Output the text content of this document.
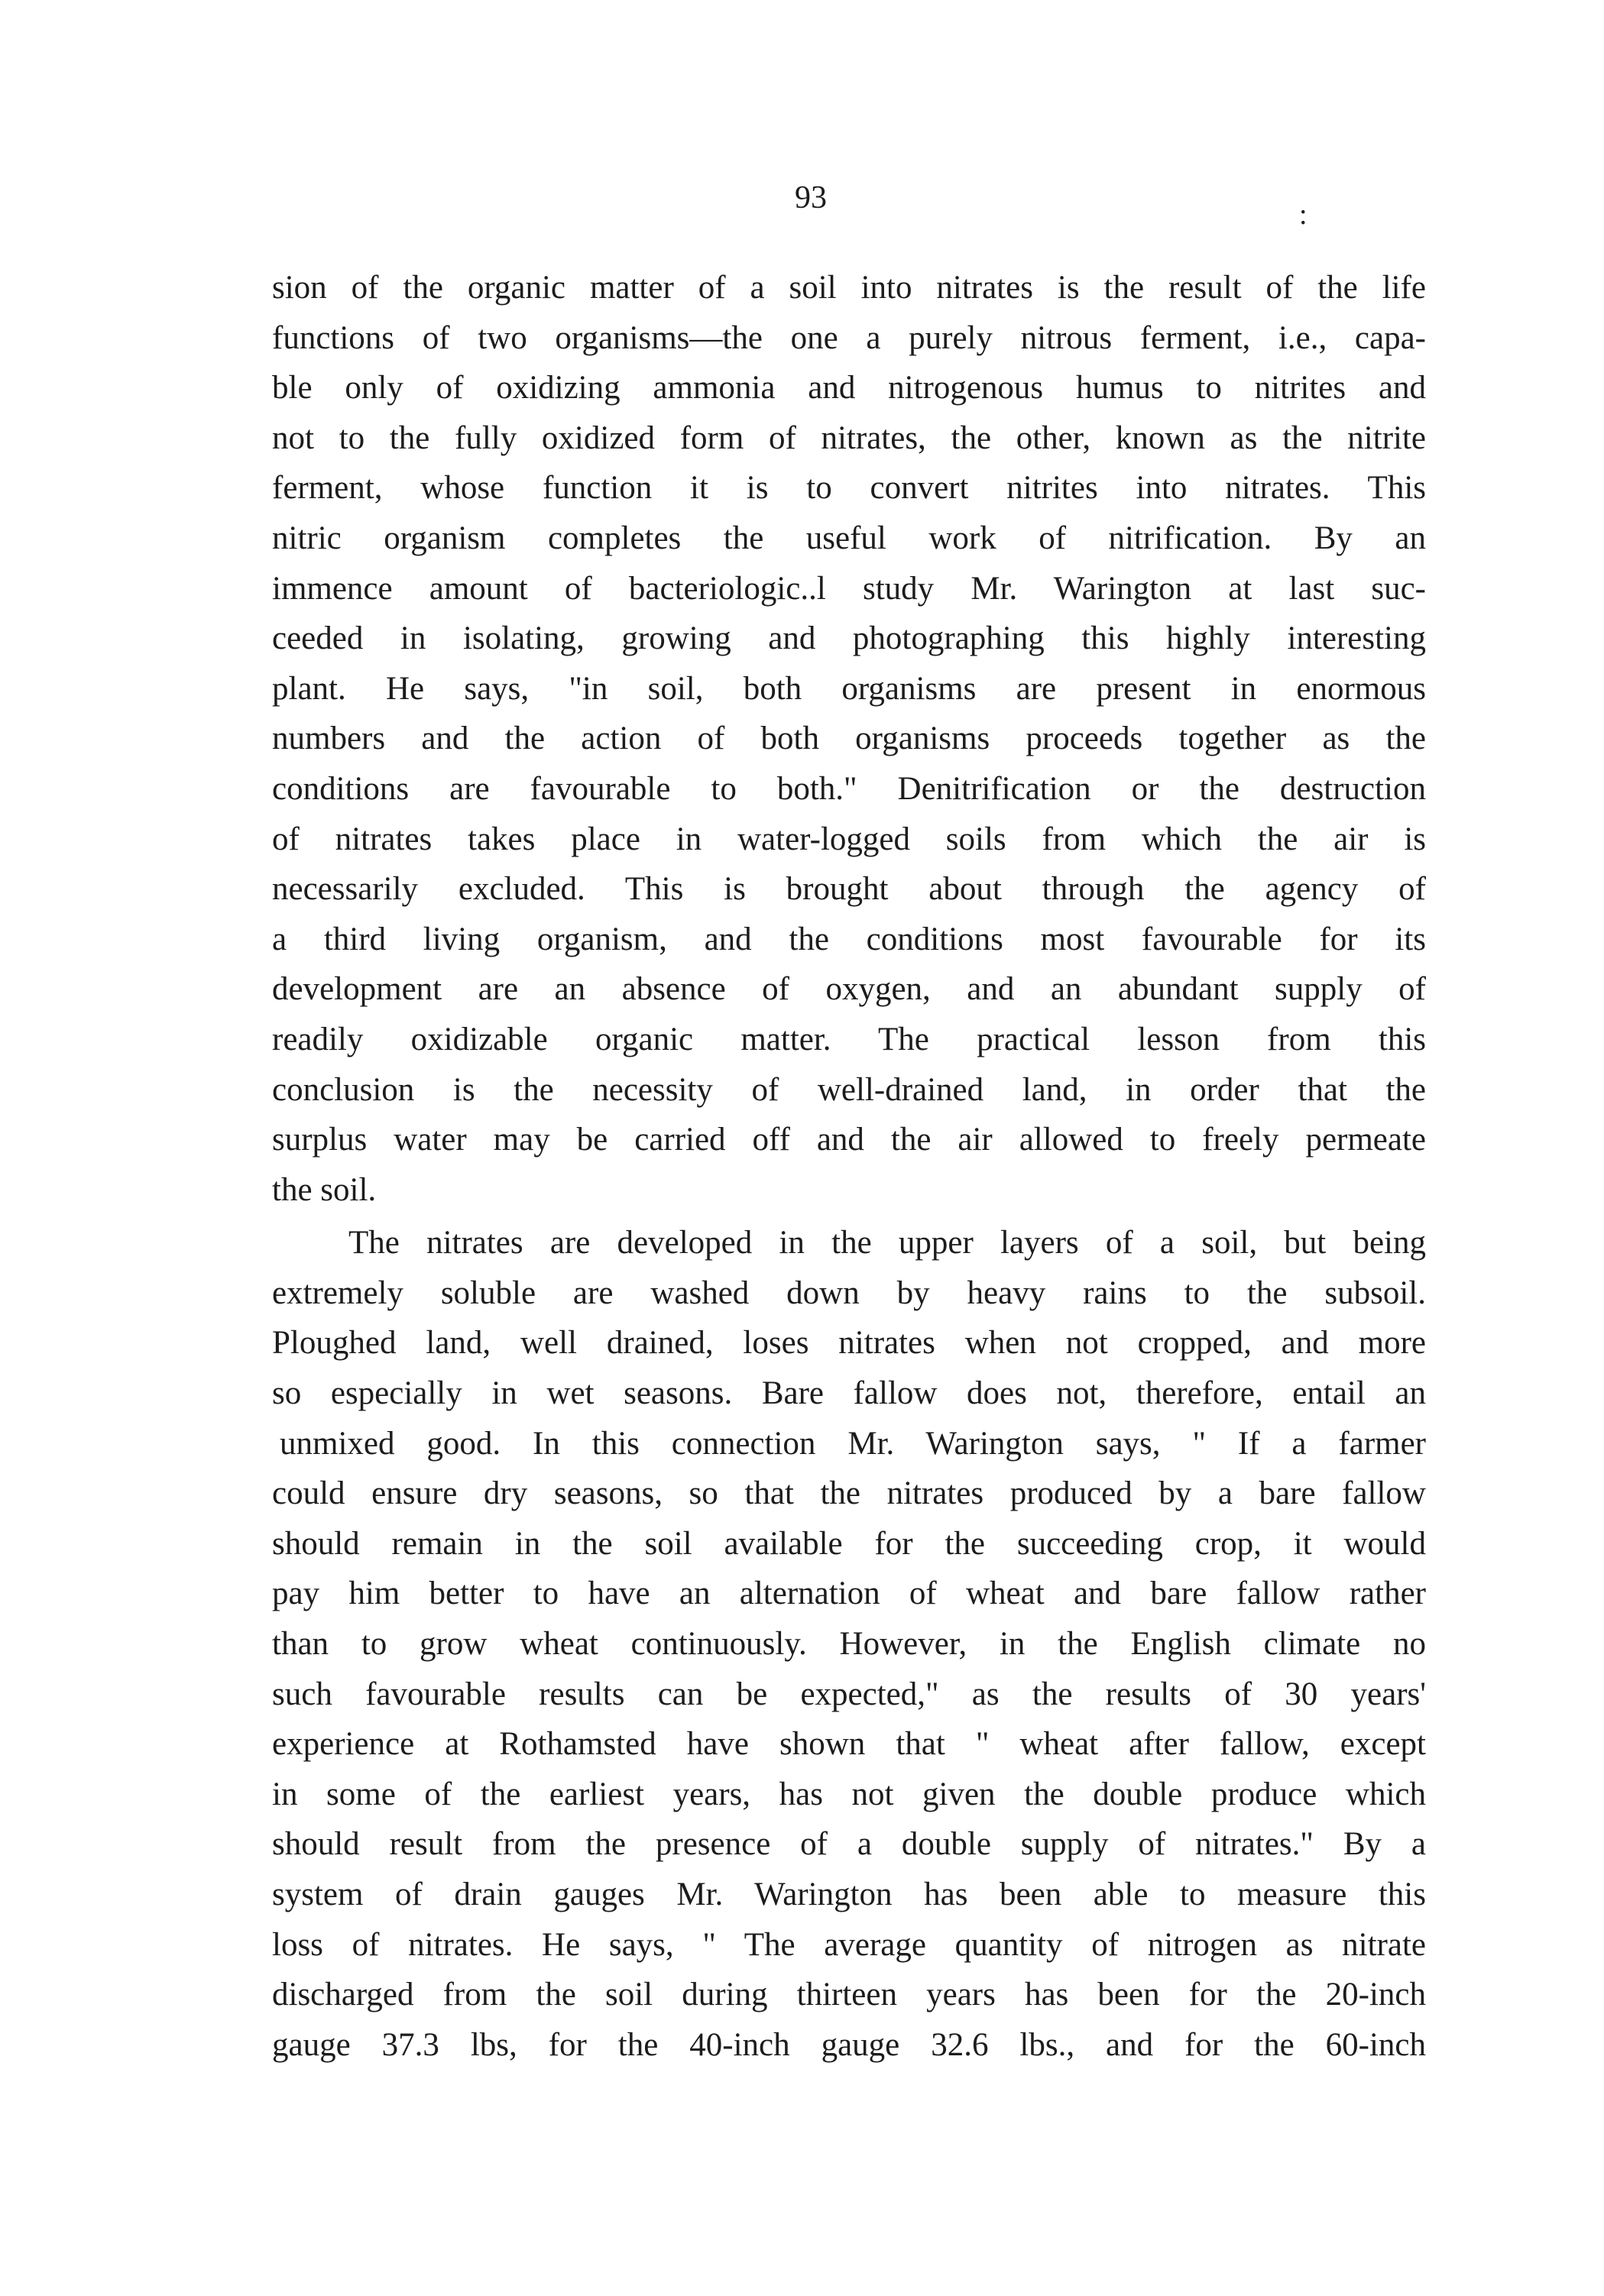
93	:
sion of the organic matter of a soil into nitrates is the result of the life
functions of two organisms—the one a purely nitrous ferment, i.e., capa-
ble only of oxidizing ammonia and nitrogenous humus to nitrites and
not to the fully oxidized form of nitrates, the other, known as the nitrite
ferment, whose function it is to convert nitrites into nitrates. This
nitric organism completes the useful work of nitrification. By an
immence amount of bacteriologic..l study Mr. Warington at last suc-
ceeded in isolating, growing and photographing this highly interesting
plant. He says, "in soil, both organisms are present in enormous
numbers and the action of both organisms proceeds together as the
conditions are favourable to both." Denitrification or the destruction
of nitrates takes place in water-logged soils from which the air is
necessarily excluded. This is brought about through the agency of
a third living organism, and the conditions most favourable for its
development are an absence of oxygen, and an abundant supply of
readily oxidizable organic matter. The practical lesson from this
conclusion is the necessity of well-drained land, in order that the
surplus water may be carried off and the air allowed to freely permeate
the soil.
The nitrates are developed in the upper layers of a soil, but being
extremely soluble are washed down by heavy rains to the subsoil.
Ploughed land, well drained, loses nitrates when not cropped, and more
so especially in wet seasons. Bare fallow does not, therefore, entail an
unmixed good. In this connection Mr. Warington says, " If a farmer
could ensure dry seasons, so that the nitrates produced by a bare fallow
should remain in the soil available for the succeeding crop, it would
pay him better to have an alternation of wheat and bare fallow rather
than to grow wheat continuously. However, in the English climate no
such favourable results can be expected," as the results of 30 years'
experience at Rothamsted have shown that " wheat after fallow, except
in some of the earliest years, has not given the double produce which
should result from the presence of a double supply of nitrates." By a
system of drain gauges Mr. Warington has been able to measure this
loss of nitrates. He says, " The average quantity of nitrogen as nitrate
discharged from the soil during thirteen years has been for the 20-inch
gauge 37.3 lbs, for the 40-inch gauge 32.6 lbs., and for the 60-inch
